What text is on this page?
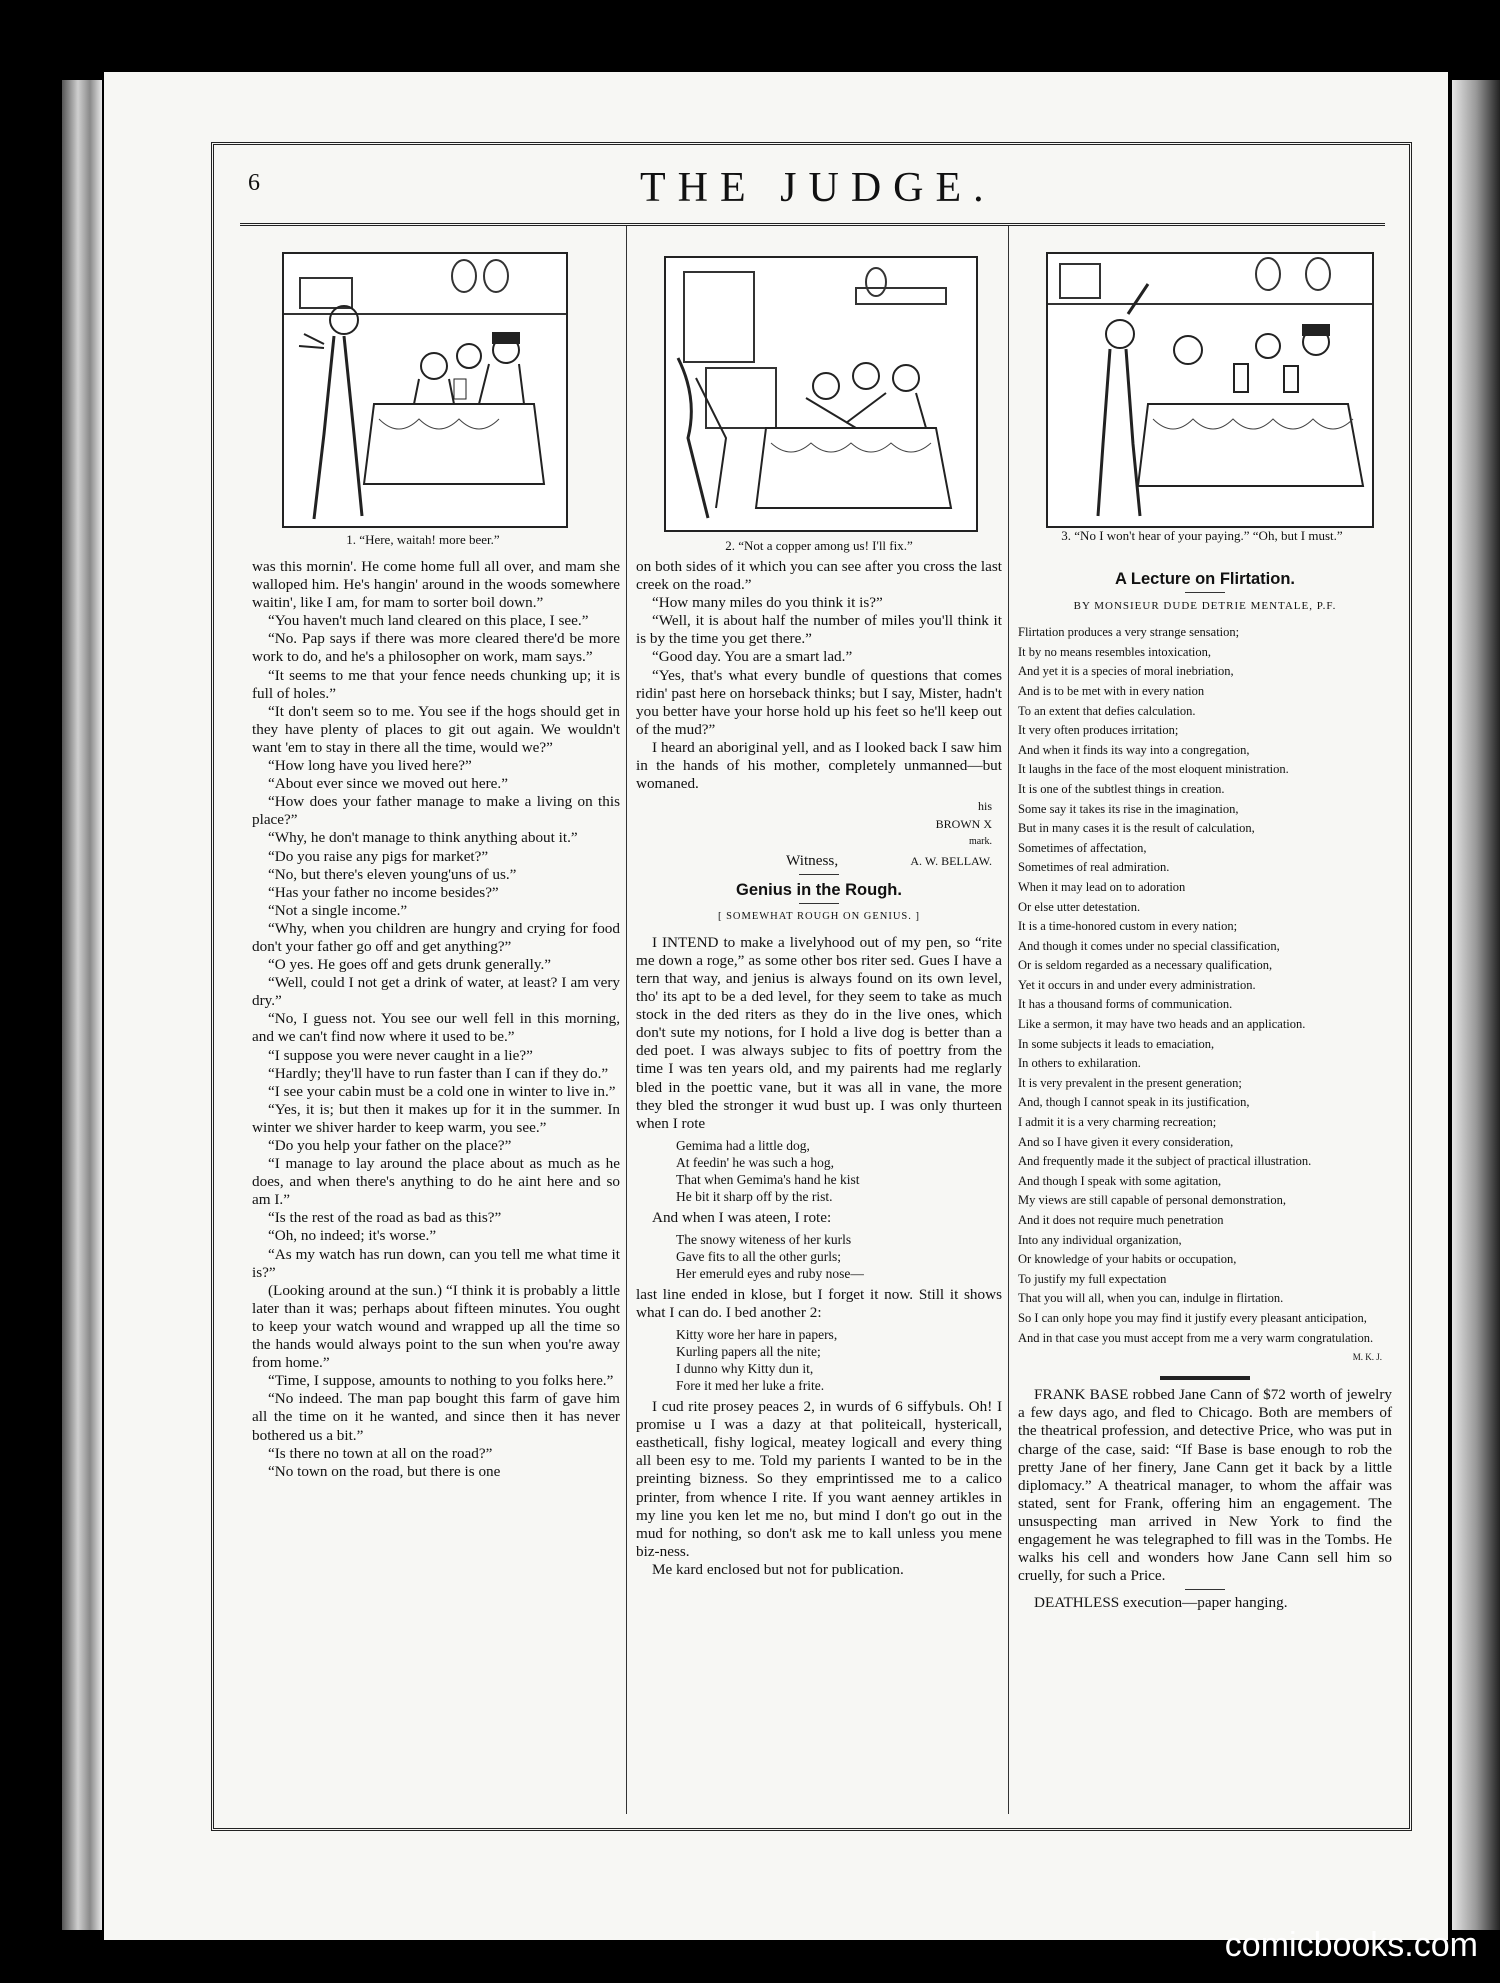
6	THE JUDGE.
1. “Here, waitah! more beer.”	2. “Not a copper among us! I'll fix.”
3. “No I won't hear of your paying.” “Oh, but I must.”

was this mornin'. He come home full all over, and mam she walloped him. He's hangin' around in the woods somewhere waitin', like I am, for mam to sorter boil down.”

“You haven't much land cleared on this place, I see.”

“No. Pap says if there was more cleared there'd be more work to do, and he's a philosopher on work, mam says.”

“It seems to me that your fence needs chunking up; it is full of holes.”

“It don't seem so to me. You see if the hogs should get in they have plenty of places to git out again. We wouldn't want 'em to stay in there all the time, would we?”

“How long have you lived here?”

“About ever since we moved out here.”

“How does your father manage to make a living on this place?”

“Why, he don't manage to think anything about it.”

“Do you raise any pigs for market?”

“No, but there's eleven young'uns of us.”

“Has your father no income besides?”

“Not a single income.”

“Why, when you children are hungry and crying for food don't your father go off and get anything?”

“O yes. He goes off and gets drunk generally.”

“Well, could I not get a drink of water, at least? I am very dry.”

“No, I guess not. You see our well fell in this morning, and we can't find now where it used to be.”

“I suppose you were never caught in a lie?”

“Hardly; they'll have to run faster than I can if they do.”

“I see your cabin must be a cold one in winter to live in.”

“Yes, it is; but then it makes up for it in the summer. In winter we shiver harder to keep warm, you see.”

“Do you help your father on the place?”

“I manage to lay around the place about as much as he does, and when there's anything to do he aint here and so am I.”

“Is the rest of the road as bad as this?”

“Oh, no indeed; it's worse.”

“As my watch has run down, can you tell me what time it is?”

(Looking around at the sun.) “I think it is probably a little later than it was; perhaps about fifteen minutes. You ought to keep your watch wound and wrapped up all the time so the hands would always point to the sun when you're away from home.”

“Time, I suppose, amounts to nothing to you folks here.”

“No indeed. The man pap bought this farm of gave him all the time on it he wanted, and since then it has never bothered us a bit.”

“Is there no town at all on the road?”

“No town on the road, but there is one

on both sides of it which you can see after you cross the last creek on the road.”

“How many miles do you think it is?”

“Well, it is about half the number of miles you'll think it is by the time you get there.”

“Good day. You are a smart lad.”

“Yes, that's what every bundle of questions that comes ridin' past here on horseback thinks; but I say, Mister, hadn't you better have your horse hold up his feet so he'll keep out of the mud?”

I heard an aboriginal yell, and as I looked back I saw him in the hands of his mother, completely unmanned—but womaned.

his
BROWN X
mark.
Witness,	A. W. BELLAW.
Genius in the Rough.
[ SOMEWHAT ROUGH ON GENIUS. ]

I INTEND to make a livelyhood out of my pen, so “rite me down a roge,” as some other bos riter sed. Gues I have a tern that way, and jenius is always found on its own level, tho' its apt to be a ded level, for they seem to take as much stock in the ded riters as they do in the live ones, which don't sute my notions, for I hold a live dog is better than a ded poet. I was always subjec to fits of poettry from the time I was ten years old, and my pairents had me reglarly bled in the poettic vane, but it was all in vane, the more they bled the stronger it wud bust up. I was only thurteen when I rote

Gemima had a little dog,
At feedin' he was such a hog,
That when Gemima's hand he kist
He bit it sharp off by the rist.

And when I was ateen, I rote:

The snowy witeness of her kurls
Gave fits to all the other gurls;
Her emeruld eyes and ruby nose—

last line ended in klose, but I forget it now. Still it shows what I can do. I bed another 2:

Kitty wore her hare in papers,
Kurling papers all the nite;
I dunno why Kitty dun it,
Fore it med her luke a frite.

I cud rite prosey peaces 2, in wurds of 6 siffybuls. Oh! I promise u I was a dazy at that politeicall, hystericall, eastheticall, fishy logical, meatey logicall and every thing all been esy to me. Told my parients I wanted to be in the preinting bizness. So they emprintissed me to a calico printer, from whence I rite. If you want aenney artikles in my line you ken let me no, but mind I don't go out in the mud for nothing, so don't ask me to kall unless you mene biz-ness.

Me kard enclosed but not for publication.

A Lecture on Flirtation.
BY MONSIEUR DUDE DETRIE MENTALE, P.F.
Flirtation produces a very strange sensation;
It by no means resembles intoxication,
And yet it is a species of moral inebriation,
And is to be met with in every nation
To an extent that defies calculation.
It very often produces irritation;
And when it finds its way into a congregation,
It laughs in the face of the most eloquent ministration.
It is one of the subtlest things in creation.
Some say it takes its rise in the imagination,
But in many cases it is the result of calculation,
Sometimes of affectation,
Sometimes of real admiration.
When it may lead on to adoration
Or else utter detestation.
It is a time-honored custom in every nation;
And though it comes under no special classification,
Or is seldom regarded as a necessary qualification,
Yet it occurs in and under every administration.
It has a thousand forms of communication.
Like a sermon, it may have two heads and an application.
In some subjects it leads to emaciation,
In others to exhilaration.
It is very prevalent in the present generation;
And, though I cannot speak in its justification,
I admit it is a very charming recreation;
And so I have given it every consideration,
And frequently made it the subject of practical illustration.
And though I speak with some agitation,
My views are still capable of personal demonstration,
And it does not require much penetration
Into any individual organization,
Or knowledge of your habits or occupation,
To justify my full expectation
That you will all, when you can, indulge in flirtation.
So I can only hope you may find it justify every pleasant anticipation,
And in that case you must accept from me a very warm congratulation.
M. K. J.

FRANK BASE robbed Jane Cann of $72 worth of jewelry a few days ago, and fled to Chicago. Both are members of the theatrical profession, and detective Price, who was put in charge of the case, said: “If Base is base enough to rob the pretty Jane of her finery, Jane Cann get it back by a little diplomacy.” A theatrical manager, to whom the affair was stated, sent for Frank, offering him an engagement. The unsuspecting man arrived in New York to find the engagement he was telegraphed to fill was in the Tombs. He walks his cell and wonders how Jane Cann sell him so cruelly, for such a Price.

DEATHLESS execution—paper hanging.

comicbooks.com
